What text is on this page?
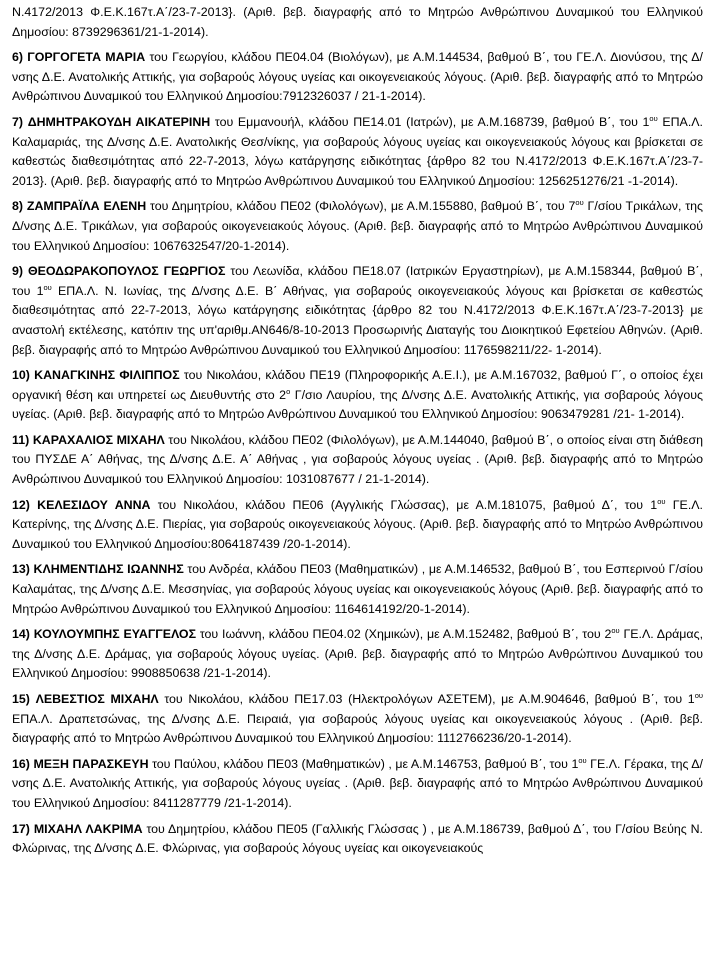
Ν.4172/2013 Φ.Ε.Κ.167τ.Α΄/23-7-2013}. (Αριθ. βεβ. διαγραφής από το Μητρώο Ανθρώπινου Δυναμικού του Ελληνικού Δημοσίου: 8739296361/21-1-2014).

6) ΓΟΡΓΟΓΕΤΑ ΜΑΡΙΑ του Γεωργίου, κλάδου ΠΕ04.04 (Βιολόγων), με Α.Μ.144534, βαθμού Β΄, του ΓΕ.Λ. Διονύσου, της Δ/νσης Δ.Ε. Ανατολικής Αττικής, για σοβαρούς λόγους υγείας και οικογενειακούς λόγους. (Αριθ. βεβ. διαγραφής από το Μητρώο Ανθρώπινου Δυναμικού του Ελληνικού Δημοσίου:7912326037 / 21-1-2014).

7) ΔΗΜΗΤΡΑΚΟΥΔΗ ΑΙΚΑΤΕΡΙΝΗ του Εμμανουήλ, κλάδου ΠΕ14.01 (Ιατρών), με Α.Μ.168739, βαθμού Β΄, του $1^{o\upsilon}$ ΕΠΑ.Λ. Καλαμαριάς, της Δ/νσης Δ.Ε. Ανατολικής Θεσ/νίκης, για σοβαρούς λόγους υγείας και οικογενειακούς λόγους και βρίσκεται σε καθεστώς διαθεσιμότητας από 22-7-2013, λόγω κατάργησης ειδικότητας {άρθρο 82 του Ν.4172/2013 Φ.Ε.Κ.167τ.Α΄/23-7-2013}. (Αριθ. βεβ. διαγραφής από το Μητρώο Ανθρώπινου Δυναμικού του Ελληνικού Δημοσίου: 1256251276/21 -1-2014).

8) ΖΑΜΠΡΑΪΛΑ ΕΛΕΝΗ του Δημητρίου, κλάδου ΠΕ02 (Φιλολόγων), με Α.Μ.155880, βαθμού Β΄, του $7^{o\upsilon}$ Γ/σίου Τρικάλων, της Δ/νσης Δ.Ε. Τρικάλων, για σοβαρούς οικογενειακούς λόγους. (Αριθ. βεβ. διαγραφής από το Μητρώο Ανθρώπινου Δυναμικού του Ελληνικού Δημοσίου: 1067632547/20-1-2014).

9) ΘΕΟΔΩΡΑΚΟΠΟΥΛΟΣ ΓΕΩΡΓΙΟΣ του Λεωνίδα, κλάδου ΠΕ18.07 (Ιατρικών Εργαστηρίων), με Α.Μ.158344, βαθμού Β΄, του $1^{o\upsilon}$ ΕΠΑ.Λ. Ν. Ιωνίας, της Δ/νσης Δ.Ε. Β΄ Αθήνας, για σοβαρούς οικογενειακούς λόγους και βρίσκεται σε καθεστώς διαθεσιμότητας από 22-7-2013, λόγω κατάργησης ειδικότητας {άρθρο 82 του Ν.4172/2013 Φ.Ε.Κ.167τ.Α΄/23-7-2013} με αναστολή εκτέλεσης, κατόπιν της υπ'αριθμ.ΑΝ646/8-10-2013 Προσωρινής Διαταγής του Διοικητικού Εφετείου Αθηνών. (Αριθ. βεβ. διαγραφής από το Μητρώο Ανθρώπινου Δυναμικού του Ελληνικού Δημοσίου: 1176598211/22- 1-2014).

10) ΚΑΝΑΓΚΙΝΗΣ ΦΙΛΙΠΠΟΣ του Νικολάου, κλάδου ΠΕ19 (Πληροφορικής Α.Ε.Ι.), με Α.Μ.167032, βαθμού Γ΄, ο οποίος έχει οργανική θέση και υπηρετεί ως Διευθυντής στο $2^o$ Γ/σιο Λαυρίου, της Δ/νσης Δ.Ε. Ανατολικής Αττικής, για σοβαρούς λόγους υγείας. (Αριθ. βεβ. διαγραφής από το Μητρώο Ανθρώπινου Δυναμικού του Ελληνικού Δημοσίου: 9063479281 /21- 1-2014).

11) ΚΑΡΑΧΑΛΙΟΣ ΜΙΧΑΗΛ του Νικολάου, κλάδου ΠΕ02 (Φιλολόγων), με Α.Μ.144040, βαθμού Β΄, ο οποίος είναι στη διάθεση του ΠΥΣΔΕ Α΄ Αθήνας, της Δ/νσης Δ.Ε. Α΄ Αθήνας , για σοβαρούς λόγους υγείας . (Αριθ. βεβ. διαγραφής από το Μητρώο Ανθρώπινου Δυναμικού του Ελληνικού Δημοσίου: 1031087677 / 21-1-2014).

12) ΚΕΛΕΣΙΔΟΥ ΑΝΝΑ του Νικολάου, κλάδου ΠΕ06 (Αγγλικής Γλώσσας), με Α.Μ.181075, βαθμού Δ΄, του $1^{o\upsilon}$ ΓΕ.Λ. Κατερίνης, της Δ/νσης Δ.Ε. Πιερίας, για σοβαρούς οικογενειακούς λόγους. (Αριθ. βεβ. διαγραφής από το Μητρώο Ανθρώπινου Δυναμικού του Ελληνικού Δημοσίου:8064187439 /20-1-2014).

13) ΚΛΗΜΕΝΤΙΔΗΣ ΙΩΑΝΝΗΣ του Ανδρέα, κλάδου ΠΕ03 (Μαθηματικών) , με Α.Μ.146532, βαθμού Β΄, του Εσπερινού Γ/σίου Καλαμάτας, της Δ/νσης Δ.Ε. Μεσσηνίας, για σοβαρούς λόγους υγείας και οικογενειακούς λόγους (Αριθ. βεβ. διαγραφής από το Μητρώο Ανθρώπινου Δυναμικού του Ελληνικού Δημοσίου: 1164614192/20-1-2014).

14) ΚΟΥΛΟΥΜΠΗΣ ΕΥΑΓΓΕΛΟΣ του Ιωάννη, κλάδου ΠΕ04.02 (Χημικών), με Α.Μ.152482, βαθμού Β΄, του $2^{o\upsilon}$ ΓΕ.Λ. Δράμας, της Δ/νσης Δ.Ε. Δράμας, για σοβαρούς λόγους υγείας. (Αριθ. βεβ. διαγραφής από το Μητρώο Ανθρώπινου Δυναμικού του Ελληνικού Δημοσίου: 9908850638 /21-1-2014).

15) ΛΕΒΕΣΤΙΟΣ ΜΙΧΑΗΛ του Νικολάου, κλάδου ΠΕ17.03 (Ηλεκτρολόγων ΑΣΕΤΕΜ), με Α.Μ.904646, βαθμού Β΄, του $1^{o\upsilon}$ ΕΠΑ.Λ. Δραπετσώνας, της Δ/νσης Δ.Ε. Πειραιά, για σοβαρούς λόγους υγείας και οικογενειακούς λόγους . (Αριθ. βεβ. διαγραφής από το Μητρώο Ανθρώπινου Δυναμικού του Ελληνικού Δημοσίου: 1112766236/20-1-2014).

16) ΜΕΞΗ ΠΑΡΑΣΚΕΥΗ του Παύλου, κλάδου ΠΕ03 (Μαθηματικών) , με Α.Μ.146753, βαθμού Β΄, του $1^{o\upsilon}$ ΓΕ.Λ. Γέρακα, της Δ/νσης Δ.Ε. Ανατολικής Αττικής, για σοβαρούς λόγους υγείας . (Αριθ. βεβ. διαγραφής από το Μητρώο Ανθρώπινου Δυναμικού του Ελληνικού Δημοσίου: 8411287779 /21-1-2014).

17) ΜΙΧΑΗΛ ΛΑΚΡΙΜΑ του Δημητρίου, κλάδου ΠΕ05 (Γαλλικής Γλώσσας ) , με Α.Μ.186739, βαθμού Δ΄, του Γ/σίου Βεύης Ν. Φλώρινας, της Δ/νσης Δ.Ε. Φλώρινας, για σοβαρούς λόγους υγείας και οικογενειακούς
